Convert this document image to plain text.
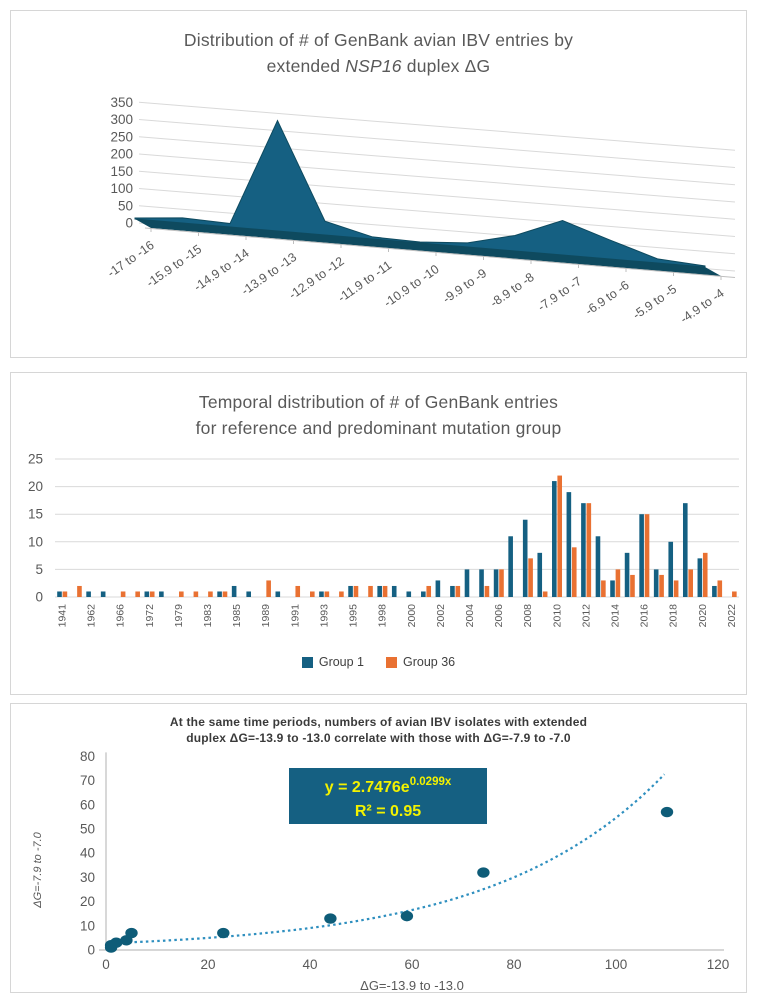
Distribution of # of GenBank avian IBV entries by
extended NSP16 duplex ΔG
0
50
100
150
200
250
300
350
-17 to -16
-15.9 to -15
-14.9 to -14
-13.9 to -13
-12.9 to -12
-11.9 to -11
-10.9 to -10
-9.9 to -9
-8.9 to -8
-7.9 to -7
-6.9 to -6
-5.9 to -5
-4.9 to -4
Temporal distribution of # of GenBank entries
for reference and predominant mutation group
0
5
10
15
20
25
1941 1962 1966 1972 1979 1983 1985 1989 1991 1993 1995 1998 2000 2002 2004 2006 2008 2010 2012 2014 2016 2018 2020 2022
Group 1	Group 36
At the same time periods, numbers of avian IBV isolates with extended
duplex ΔG=-13.9 to -13.0 correlate with those with ΔG=-7.9 to -7.0
0
10
20
30
40
50
60
70
80
0	20	40	60	80	100	120
ΔG=-13.9 to -13.0
ΔG=-7.9 to -7.0
$y = 2.7476e^{0.0299x}$
R² = 0.95
